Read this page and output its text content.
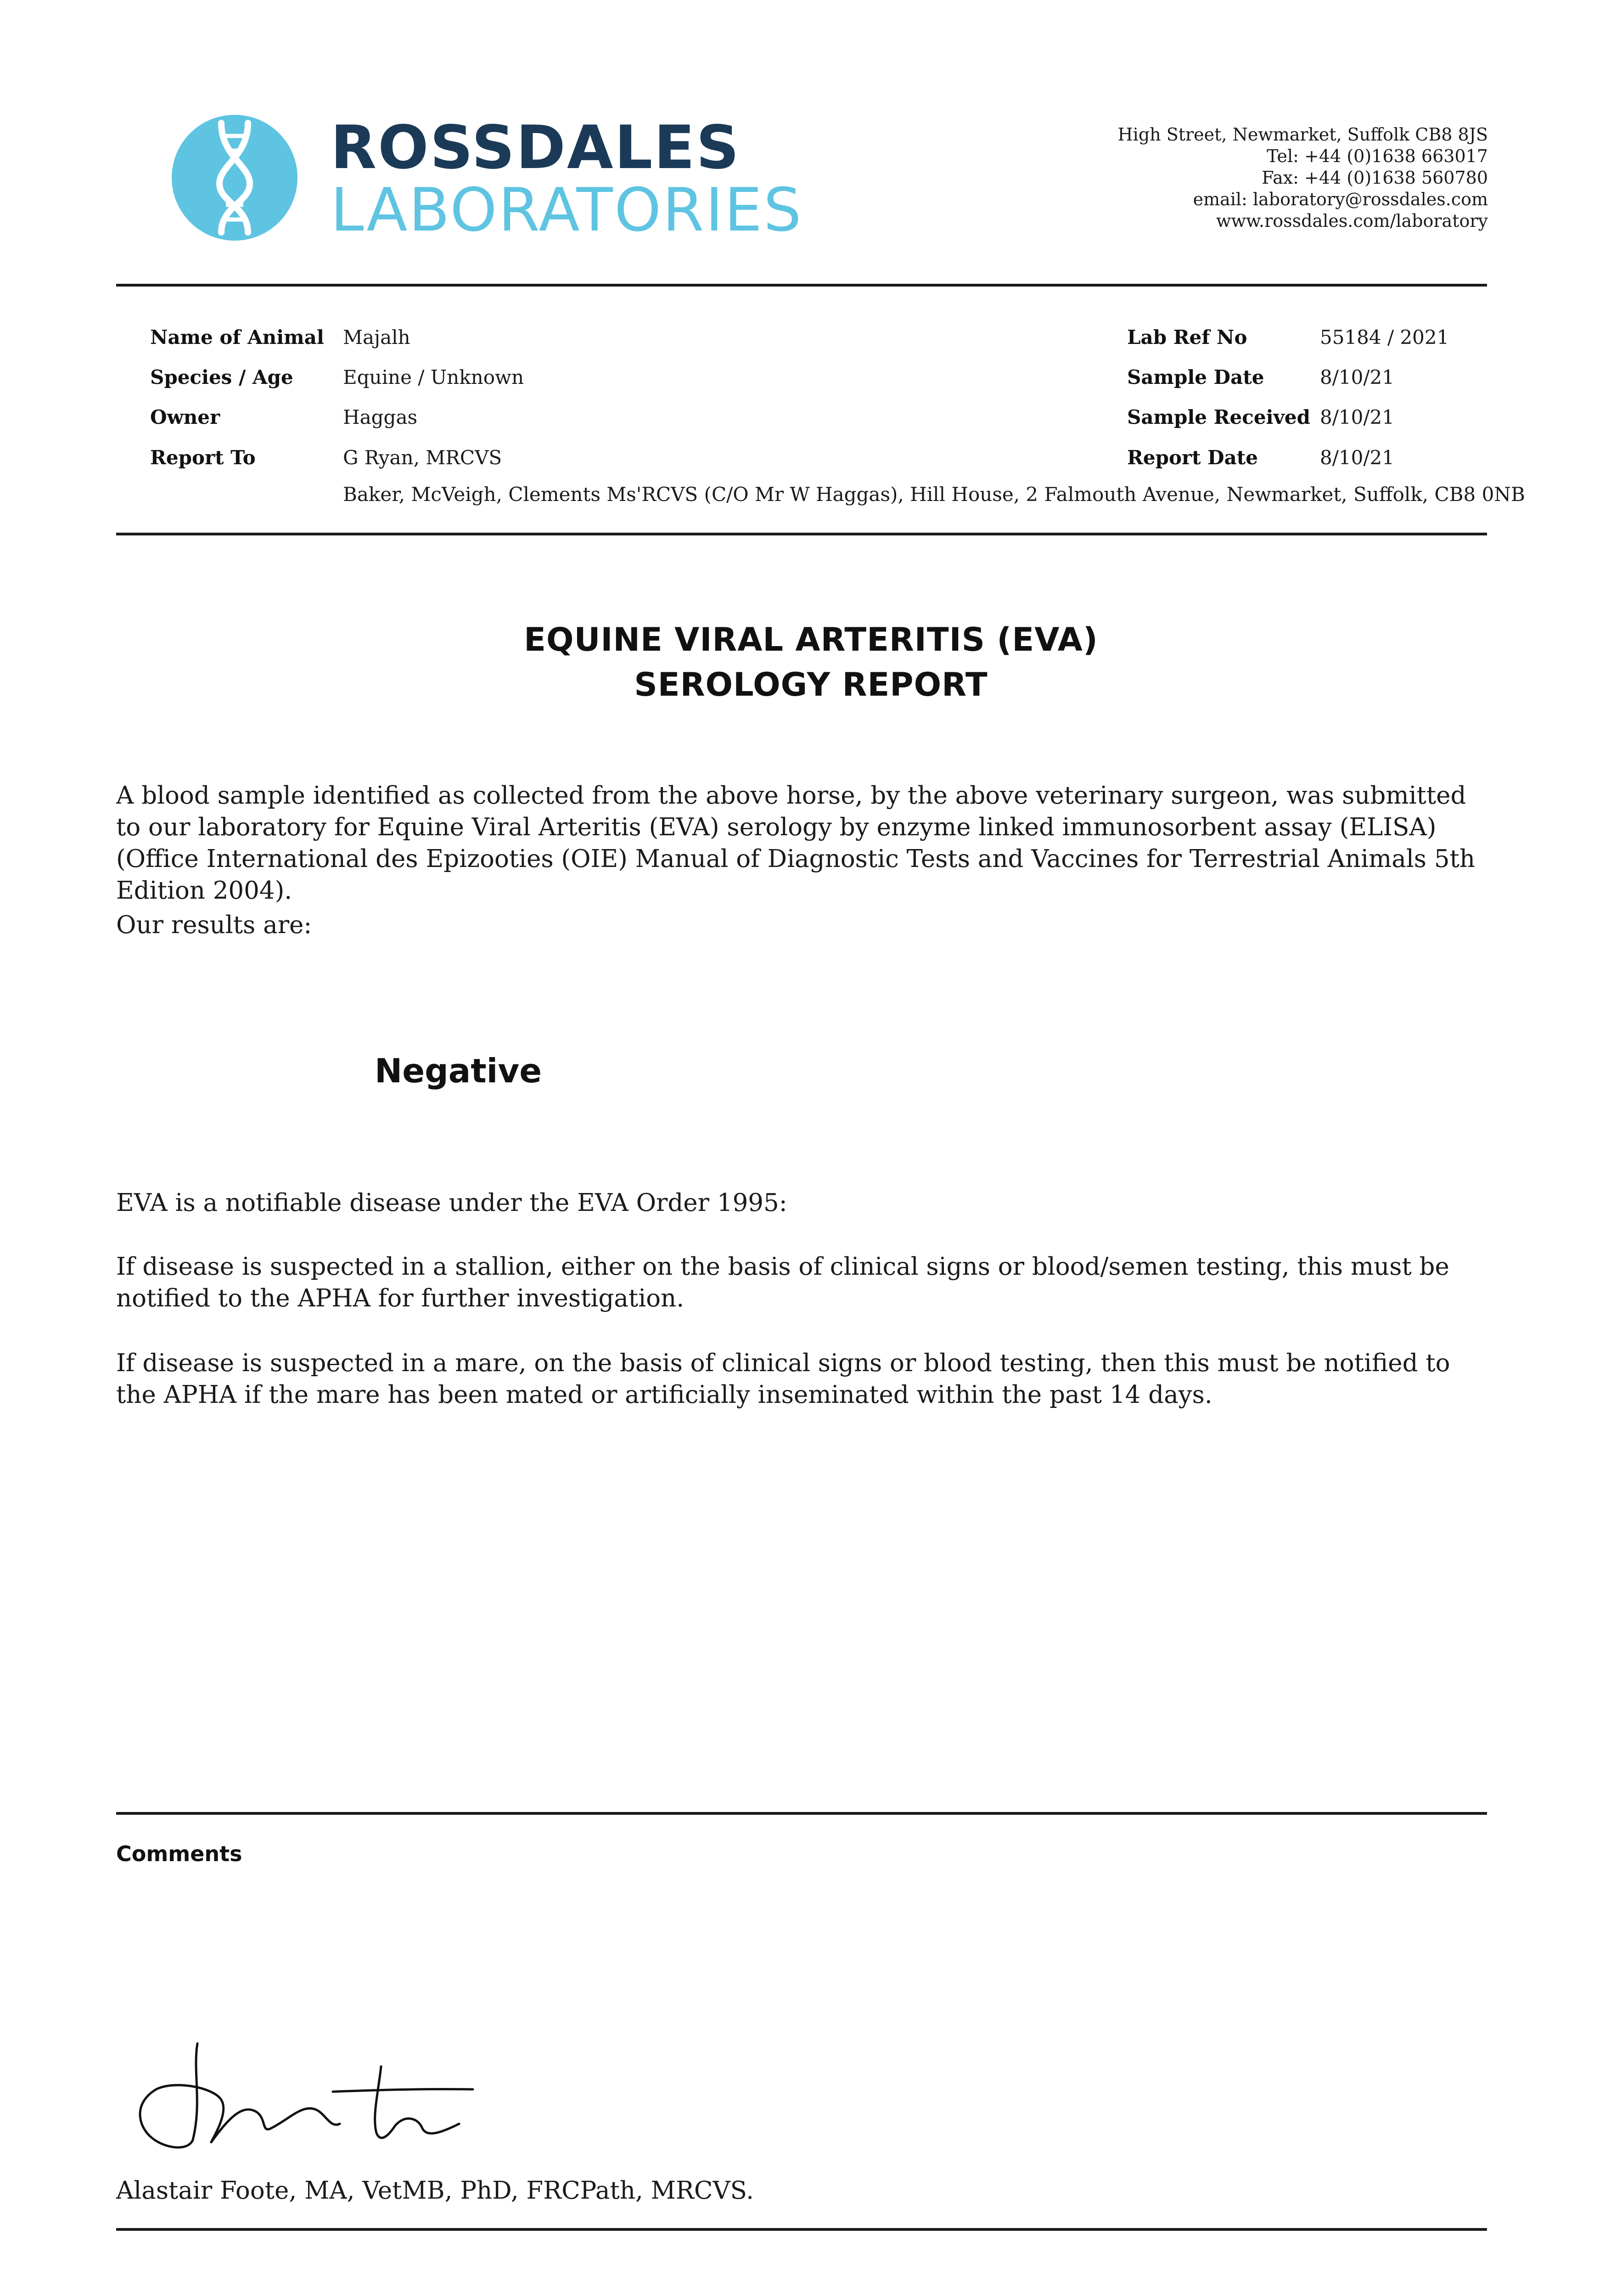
ROSSDALES
LABORATORIES
High Street, Newmarket, Suffolk CB8 8JS
Tel: +44 (0)1638 663017
Fax: +44 (0)1638 560780
email: laboratory@rossdales.com
www.rossdales.com/laboratory
Name of Animal Majalh
Species / Age	Equine / Unknown
Owner	Haggas
Report To	G Ryan, MRCVS
Baker, McVeigh, Clements Ms'RCVS (C/O Mr W Haggas), Hill House, 2 Falmouth Avenue, Newmarket, Suffolk, CB8 0NB
Lab Ref No	55184 / 2021
Sample Date	8/10/21
Sample Received 8/10/21
Report Date	8/10/21
EQUINE VIRAL ARTERITIS (EVA)
SEROLOGY REPORT
A blood sample identified as collected from the above horse, by the above veterinary surgeon, was submitted to our laboratory for Equine Viral Arteritis (EVA) serology by enzyme linked immunosorbent assay (ELISA) (Office International des Epizooties (OIE) Manual of Diagnostic Tests and Vaccines for Terrestrial Animals 5th Edition 2004).
Our results are:
Negative
EVA is a notifiable disease under the EVA Order 1995:
If disease is suspected in a stallion, either on the basis of clinical signs or blood/semen testing, this must be notified to the APHA for further investigation.
If disease is suspected in a mare, on the basis of clinical signs or blood testing, then this must be notified to the APHA if the mare has been mated or artificially inseminated within the past 14 days.
Comments
Alastair Foote, MA, VetMB, PhD, FRCPath, MRCVS.
